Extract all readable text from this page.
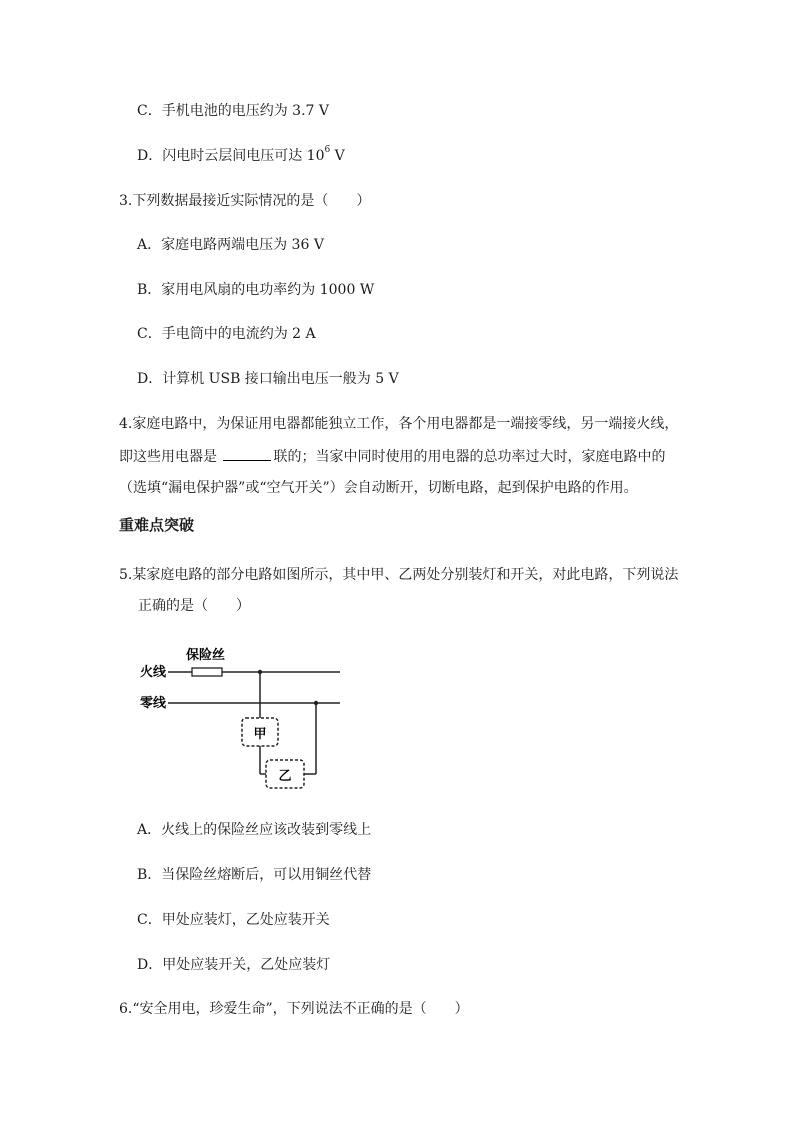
C．手机电池的电压约为 3.7 V
D．闪电时云层间电压可达 $10^6$ V
3.下列数据最接近实际情况的是（　　）
A．家庭电路两端电压为 36 V
B．家用电风扇的电功率约为 1000 W
C．手电筒中的电流约为 2 A
D．计算机 USB 接口输出电压一般为 5 V
4.家庭电路中，为保证用电器都能独立工作，各个用电器都是一端接零线，另一端接火线，
即这些用电器是	联的；当家中同时使用的用电器的总功率过大时，家庭电路中的
（选填“漏电保护器”或“空气开关”）会自动断开，切断电路，起到保护电路的作用。
重难点突破
5.某家庭电路的部分电路如图所示，其中甲、乙两处分别装灯和开关，对此电路，下列说法
正确的是（　　）
保险丝
火线
零线
甲
乙
A．火线上的保险丝应该改装到零线上
B．当保险丝熔断后，可以用铜丝代替
C．甲处应装灯，乙处应装开关
D．甲处应装开关，乙处应装灯
6.“安全用电，珍爱生命”，下列说法不正确的是（　　）
